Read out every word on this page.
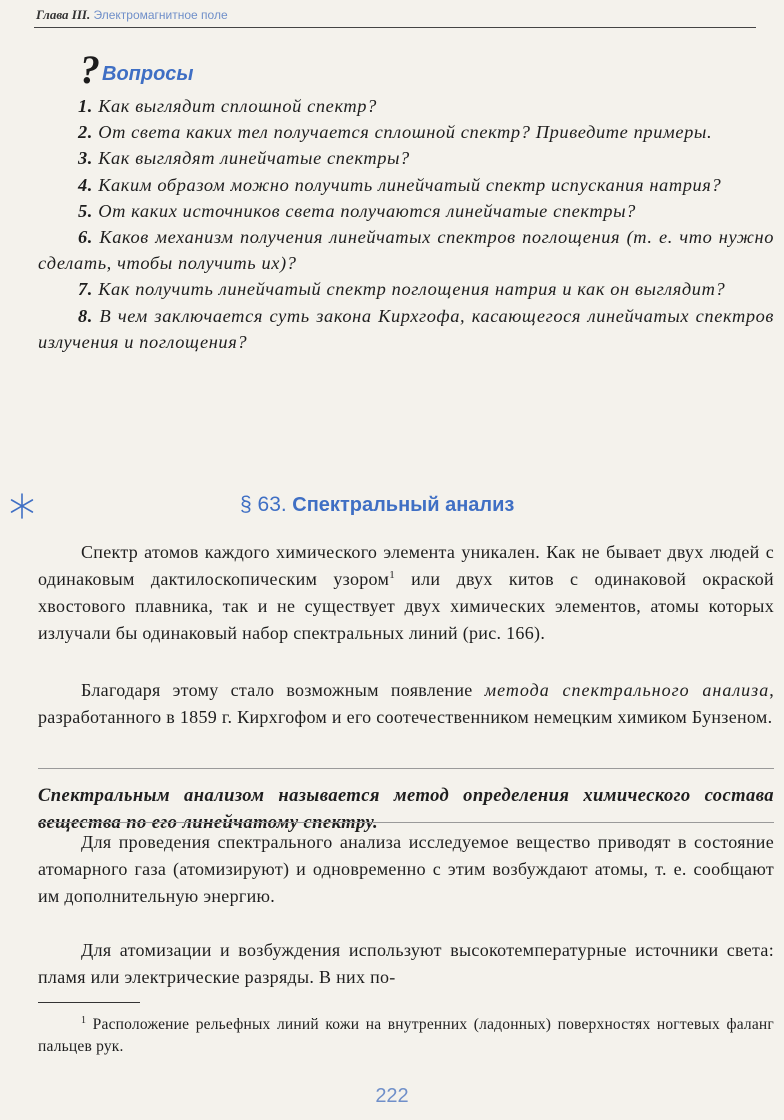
Глава III. Электромагнитное поле
? Вопросы

1. Как выглядит сплошной спектр?

2. От света каких тел получается сплошной спектр? Приведите примеры.

3. Как выглядят линейчатые спектры?

4. Каким образом можно получить линейчатый спектр испускания натрия?

5. От каких источников света получаются линейчатые спектры?

6. Каков механизм получения линейчатых спектров поглощения (т. е. что нужно сделать, чтобы получить их)?

7. Как получить линейчатый спектр поглощения натрия и как он выглядит?

8. В чем заключается суть закона Кирхгофа, касающегося линейчатых спектров излучения и поглощения?

§ 63. Спектральный анализ

Спектр атомов каждого химического элемента уникален. Как не бывает двух людей с одинаковым дактилоскопическим узором$^1$ или двух китов с одинаковой окраской хвостового плавника, так и не существует двух химических элементов, атомы которых излучали бы одинаковый набор спектральных линий (рис. 166).

Благодаря этому стало возможным появление метода спектрального анализа, разработанного в 1859 г. Кирхгофом и его соотечественником немецким химиком Бунзеном.

Спектральным анализом называется метод определения химического состава вещества по его линейчатому спектру.

Для проведения спектрального анализа исследуемое вещество приводят в состояние атомарного газа (атомизируют) и одновременно с этим возбуждают атомы, т. е. сообщают им дополнительную энергию.

Для атомизации и возбуждения используют высокотемпературные источники света: пламя или электрические разряды. В них по-

$^1$ Расположение рельефных линий кожи на внутренних (ладонных) поверхностях ногтевых фаланг пальцев рук.

222
